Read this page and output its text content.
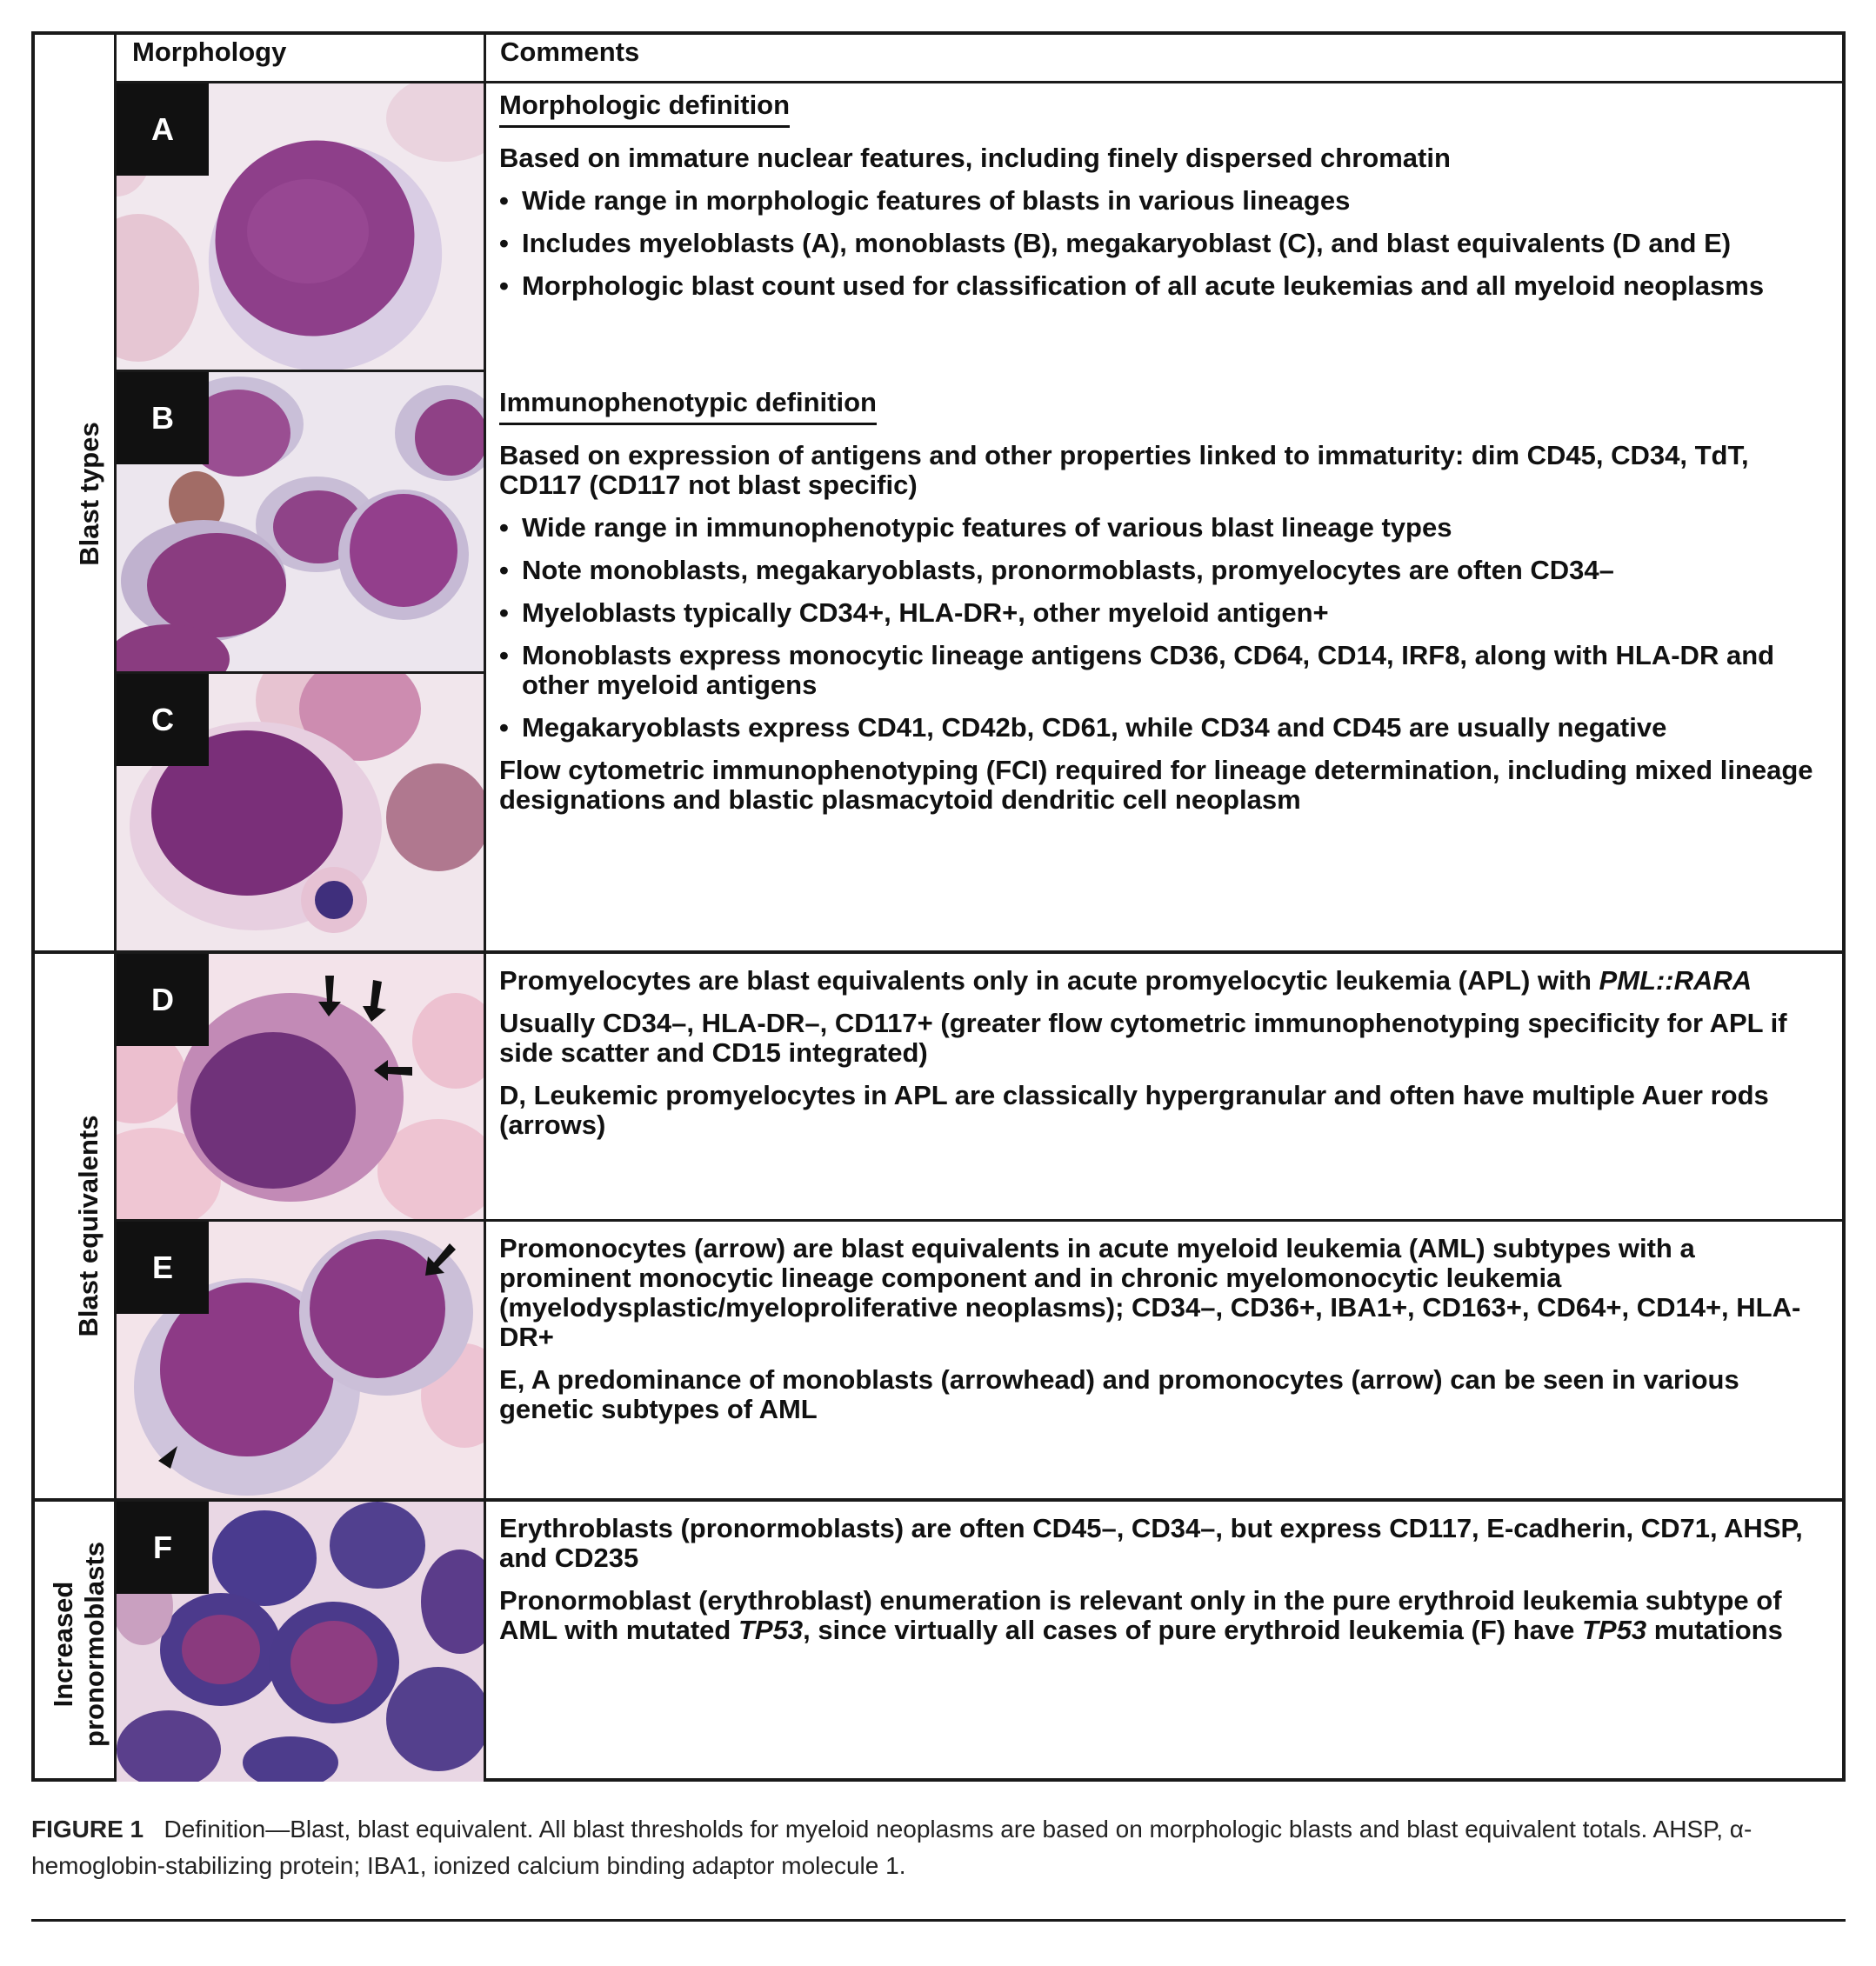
Morphology	Comments
Blast types
Blast equivalents
Increased pronormoblasts
A
B
C
D
E
F
Morphologic definition

Based on immature nuclear features, including finely dispersed chromatin

• Wide range in morphologic features of blasts in various lineages

• Includes myeloblasts (A), monoblasts (B), megakaryoblast (C), and blast equivalents (D and E)

• Morphologic blast count used for classification of all acute leukemias and all myeloid neoplasms

Immunophenotypic definition

Based on expression of antigens and other properties linked to immaturity: dim CD45, CD34, TdT, CD117 (CD117 not blast specific)

• Wide range in immunophenotypic features of various blast lineage types

• Note monoblasts, megakaryoblasts, pronormoblasts, promyelocytes are often CD34–

• Myeloblasts typically CD34+, HLA-DR+, other myeloid antigen+

• Monoblasts express monocytic lineage antigens CD36, CD64, CD14, IRF8, along with HLA-DR and other myeloid antigens

• Megakaryoblasts express CD41, CD42b, CD61, while CD34 and CD45 are usually negative

Flow cytometric immunophenotyping (FCI) required for lineage determination, including mixed lineage designations and blastic plasmacytoid dendritic cell neoplasm

Promyelocytes are blast equivalents only in acute promyelocytic leukemia (APL) with PML::RARA

Usually CD34–, HLA-DR–, CD117+ (greater flow cytometric immunophenotyping specificity for APL if side scatter and CD15 integrated)

D, Leukemic promyelocytes in APL are classically hypergranular and often have multiple Auer rods (arrows)

Promonocytes (arrow) are blast equivalents in acute myeloid leukemia (AML) subtypes with a prominent monocytic lineage component and in chronic myelomonocytic leukemia (myelodysplastic/myeloproliferative neoplasms); CD34–, CD36+, IBA1+, CD163+, CD64+, CD14+, HLA-DR+

E, A predominance of monoblasts (arrowhead) and promonocytes (arrow) can be seen in various genetic subtypes of AML

Erythroblasts (pronormoblasts) are often CD45–, CD34–, but express CD117, E-cadherin, CD71, AHSP, and CD235

Pronormoblast (erythroblast) enumeration is relevant only in the pure erythroid leukemia subtype of AML with mutated TP53, since virtually all cases of pure erythroid leukemia (F) have TP53 mutations

FIGURE 1 Definition—Blast, blast equivalent. All blast thresholds for myeloid neoplasms are based on morphologic blasts and blast equivalent totals. AHSP, α-hemoglobin-stabilizing protein; IBA1, ionized calcium binding adaptor molecule 1.
